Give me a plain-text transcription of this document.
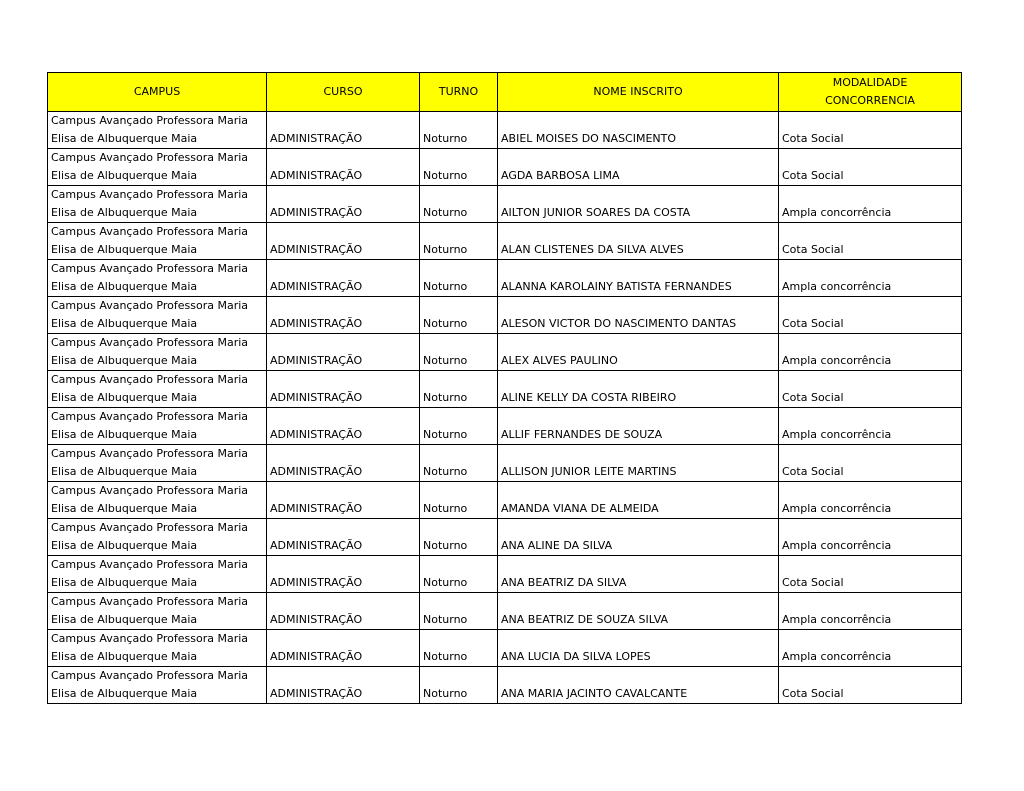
CAMPUS	CURSO	TURNO	NOME INSCRITO	MODALIDADE
CONCORRENCIA

Campus Avançado Professora Maria
Elisa de Albuquerque Maia	ADMINISTRAÇÃO	Noturno	ABIEL MOISES DO NASCIMENTO	Cota Social

Campus Avançado Professora Maria
Elisa de Albuquerque Maia	ADMINISTRAÇÃO	Noturno	AGDA BARBOSA LIMA	Cota Social

Campus Avançado Professora Maria
Elisa de Albuquerque Maia	ADMINISTRAÇÃO	Noturno	AILTON JUNIOR SOARES DA COSTA	Ampla concorrência

Campus Avançado Professora Maria
Elisa de Albuquerque Maia	ADMINISTRAÇÃO	Noturno	ALAN CLISTENES DA SILVA ALVES	Cota Social

Campus Avançado Professora Maria
Elisa de Albuquerque Maia	ADMINISTRAÇÃO	Noturno	ALANNA KAROLAINY BATISTA FERNANDES	Ampla concorrência

Campus Avançado Professora Maria
Elisa de Albuquerque Maia	ADMINISTRAÇÃO	Noturno	ALESON VICTOR DO NASCIMENTO DANTAS	Cota Social

Campus Avançado Professora Maria
Elisa de Albuquerque Maia	ADMINISTRAÇÃO	Noturno	ALEX ALVES PAULINO	Ampla concorrência

Campus Avançado Professora Maria
Elisa de Albuquerque Maia	ADMINISTRAÇÃO	Noturno	ALINE KELLY DA COSTA RIBEIRO	Cota Social

Campus Avançado Professora Maria
Elisa de Albuquerque Maia	ADMINISTRAÇÃO	Noturno	ALLIF FERNANDES DE SOUZA	Ampla concorrência

Campus Avançado Professora Maria
Elisa de Albuquerque Maia	ADMINISTRAÇÃO	Noturno	ALLISON JUNIOR LEITE MARTINS	Cota Social

Campus Avançado Professora Maria
Elisa de Albuquerque Maia	ADMINISTRAÇÃO	Noturno	AMANDA VIANA DE ALMEIDA	Ampla concorrência

Campus Avançado Professora Maria
Elisa de Albuquerque Maia	ADMINISTRAÇÃO	Noturno	ANA ALINE DA SILVA	Ampla concorrência

Campus Avançado Professora Maria
Elisa de Albuquerque Maia	ADMINISTRAÇÃO	Noturno	ANA BEATRIZ DA SILVA	Cota Social

Campus Avançado Professora Maria
Elisa de Albuquerque Maia	ADMINISTRAÇÃO	Noturno	ANA BEATRIZ DE SOUZA SILVA	Ampla concorrência

Campus Avançado Professora Maria
Elisa de Albuquerque Maia	ADMINISTRAÇÃO	Noturno	ANA LUCIA DA SILVA LOPES	Ampla concorrência

Campus Avançado Professora Maria
Elisa de Albuquerque Maia	ADMINISTRAÇÃO	Noturno	ANA MARIA JACINTO CAVALCANTE	Cota Social
